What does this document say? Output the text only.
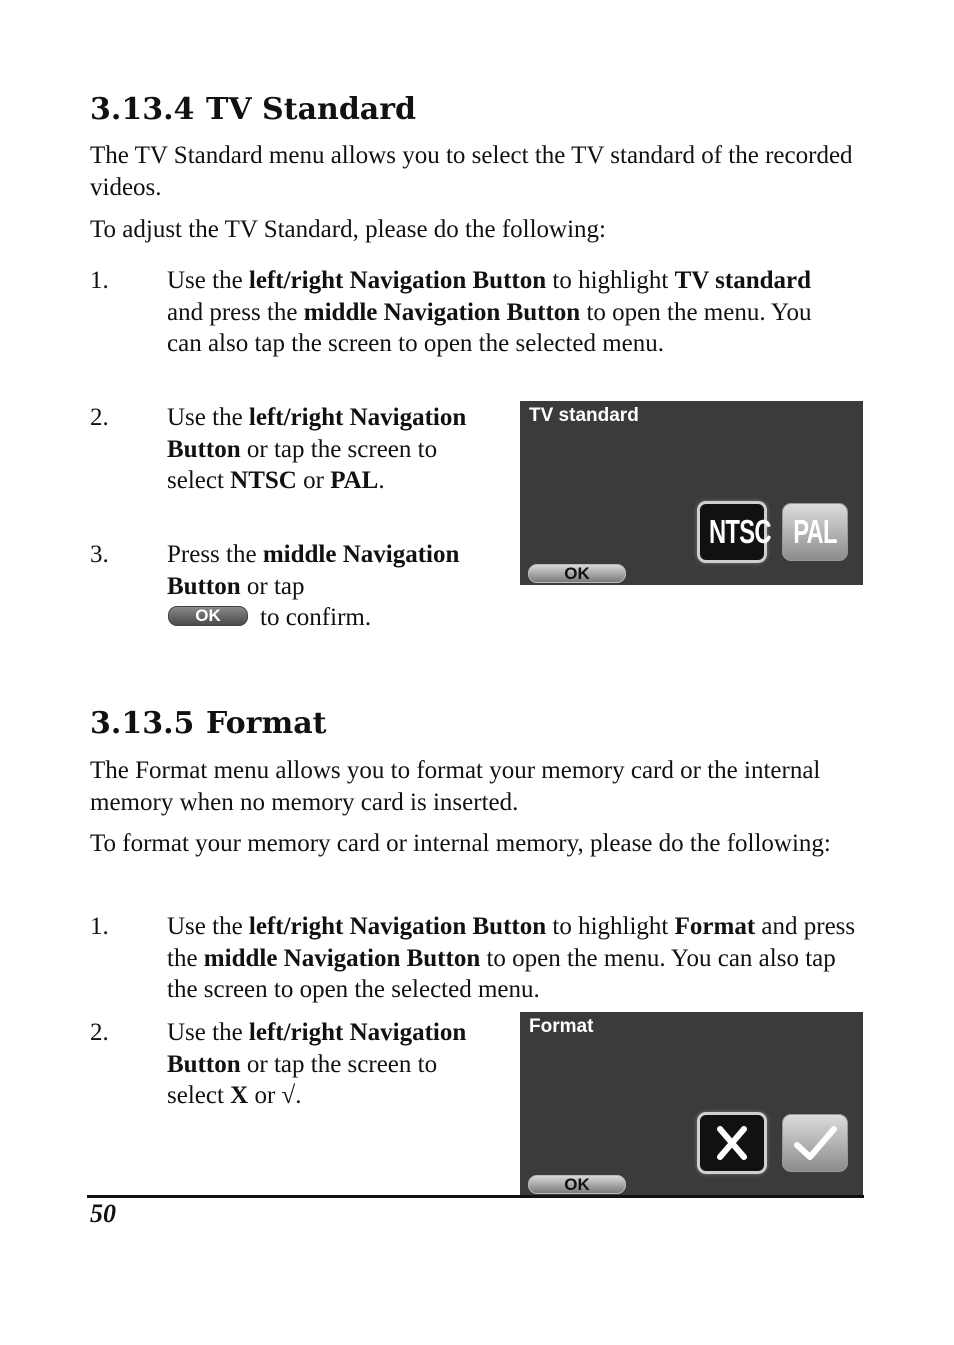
3.13.4 TV Standard

The TV Standard menu allows you to select the TV standard of the recorded videos.

To adjust the TV Standard, please do the following:

1. Use the left/right Navigation Button to highlight TV standard and press the middle Navigation Button to open the menu. You can also tap the screen to open the selected menu.
2. Use the left/right Navigation Button or tap the screen to select NTSC or PAL.
3. Press the middle Navigation Button or tap
OK	to confirm.
TV standard
NTSC PAL
OK
3.13.5 Format

The Format menu allows you to format your memory card or the internal memory when no memory card is inserted.

To format your memory card or internal memory, please do the following:

1. Use the left/right Navigation Button to highlight Format and press the middle Navigation Button to open the menu. You can also tap the screen to open the selected menu.
2. Use the left/right Navigation Button or tap the screen to select X or √.
Format
OK
50
